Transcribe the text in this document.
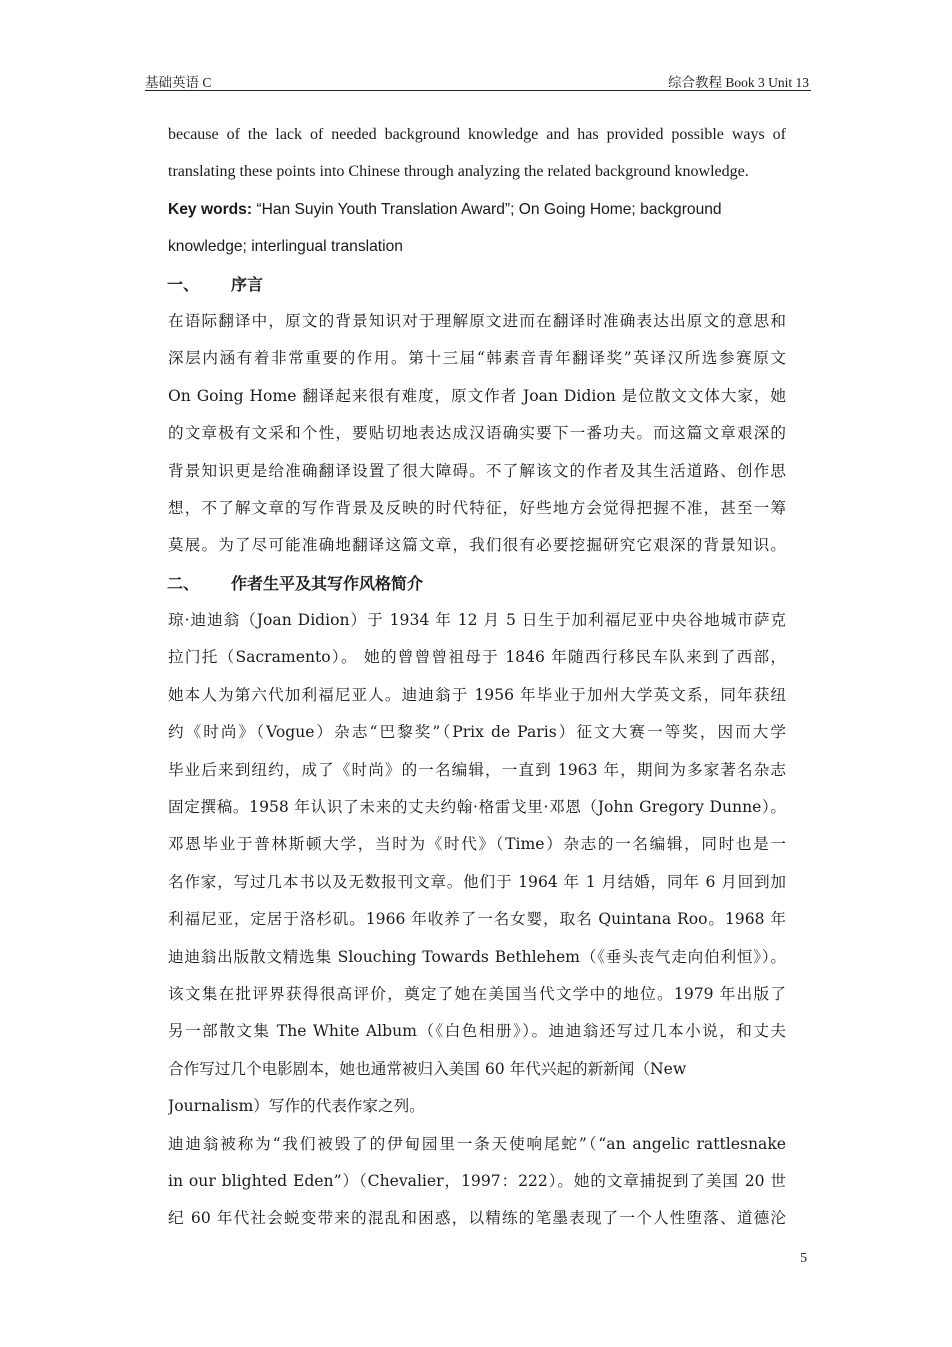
基础英语 C	综合教程 Book 3 Unit 13
because of the lack of needed background knowledge and has provided possible ways of
translating these points into Chinese through analyzing the related background knowledge.
Key words: “Han Suyin Youth Translation Award”; On Going Home; background
knowledge; interlingual translation
一、 序言
在语际翻译中，原文的背景知识对于理解原文进而在翻译时准确表达出原文的意思和
深层内涵有着非常重要的作用。第十三届“韩素音青年翻译奖”英译汉所选参赛原文
On Going Home 翻译起来很有难度，原文作者 Joan Didion 是位散文文体大家，她
的文章极有文采和个性，要贴切地表达成汉语确实要下一番功夫。而这篇文章艰深的
背景知识更是给准确翻译设置了很大障碍。不了解该文的作者及其生活道路、创作思
想，不了解文章的写作背景及反映的时代特征，好些地方会觉得把握不准，甚至一筹
莫展。为了尽可能准确地翻译这篇文章，我们很有必要挖掘研究它艰深的背景知识。
二、 作者生平及其写作风格简介
琼·迪迪翁（Joan Didion）于 1934 年 12 月 5 日生于加利福尼亚中央谷地城市萨克
拉门托（Sacramento）。 她的曾曾曾祖母于 1846 年随西行移民车队来到了西部，
她本人为第六代加利福尼亚人。迪迪翁于 1956 年毕业于加州大学英文系，同年获纽
约《时尚》（Vogue）杂志“巴黎奖”（Prix de Paris）征文大赛一等奖，因而大学
毕业后来到纽约，成了《时尚》的一名编辑，一直到 1963 年，期间为多家著名杂志
固定撰稿。1958 年认识了未来的丈夫约翰·格雷戈里·邓恩（John Gregory Dunne）。
邓恩毕业于普林斯顿大学，当时为《时代》（Time）杂志的一名编辑，同时也是一
名作家，写过几本书以及无数报刊文章。他们于 1964 年 1 月结婚，同年 6 月回到加
利福尼亚，定居于洛杉矶。1966 年收养了一名女婴，取名 Quintana Roo。1968 年
迪迪翁出版散文精选集 Slouching Towards Bethlehem（《垂头丧气走向伯利恒》）。
该文集在批评界获得很高评价，奠定了她在美国当代文学中的地位。1979 年出版了
另一部散文集 The White Album（《白色相册》）。迪迪翁还写过几本小说，和丈夫
合作写过几个电影剧本，她也通常被归入美国 60 年代兴起的新新闻（New
Journalism）写作的代表作家之列。
迪迪翁被称为“我们被毁了的伊甸园里一条天使响尾蛇”（“an angelic rattlesnake
in our blighted Eden”）（Chevalier，1997：222）。她的文章捕捉到了美国 20 世
纪 60 年代社会蜕变带来的混乱和困惑，以精练的笔墨表现了一个人性堕落、道德沦
5
